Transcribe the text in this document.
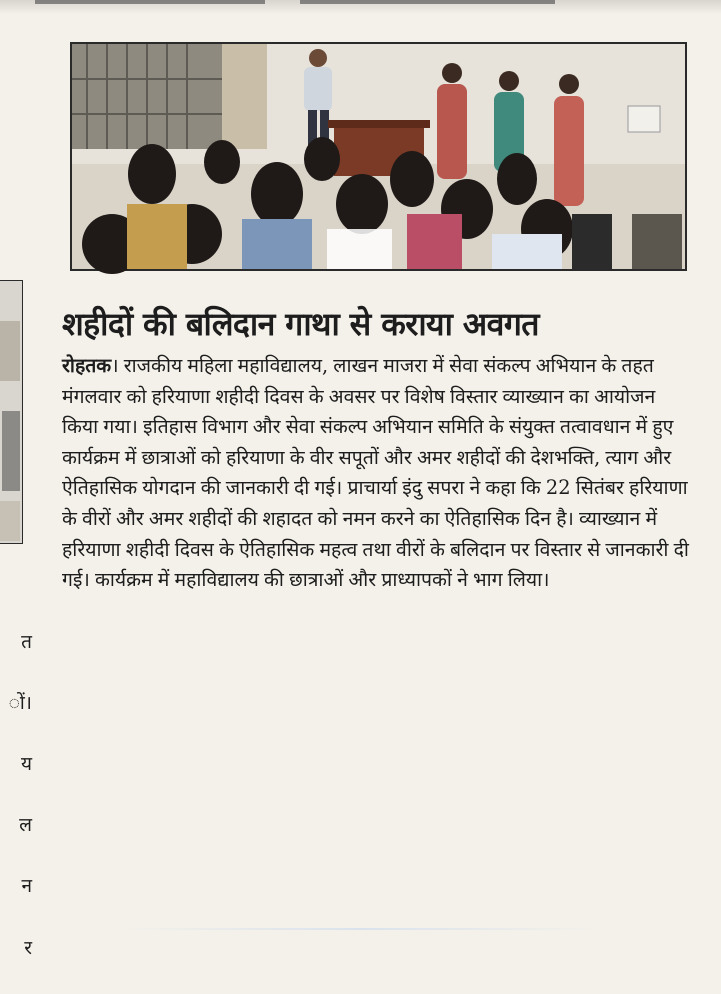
त

ों।

य

ल

न

र

शहीदों की बलिदान गाथा से कराया अवगत

रोहतक। राजकीय महिला महाविद्यालय, लाखन माजरा में सेवा संकल्प अभियान के तहत मंगलवार को हरियाणा शहीदी दिवस के अवसर पर विशेष विस्तार व्याख्यान का आयोजन किया गया। इतिहास विभाग और सेवा संकल्प अभियान समिति के संयुक्त तत्वावधान में हुए कार्यक्रम में छात्राओं को हरियाणा के वीर सपूतों और अमर शहीदों की देशभक्ति, त्याग और ऐतिहासिक योगदान की जानकारी दी गई। प्राचार्या इंदु सपरा ने कहा कि 22 सितंबर हरियाणा के वीरों और अमर शहीदों की शहादत को नमन करने का ऐतिहासिक दिन है। व्याख्यान में हरियाणा शहीदी दिवस के ऐतिहासिक महत्व तथा वीरों के बलिदान पर विस्तार से जानकारी दी गई। कार्यक्रम में महाविद्यालय की छात्राओं और प्राध्यापकों ने भाग लिया।
